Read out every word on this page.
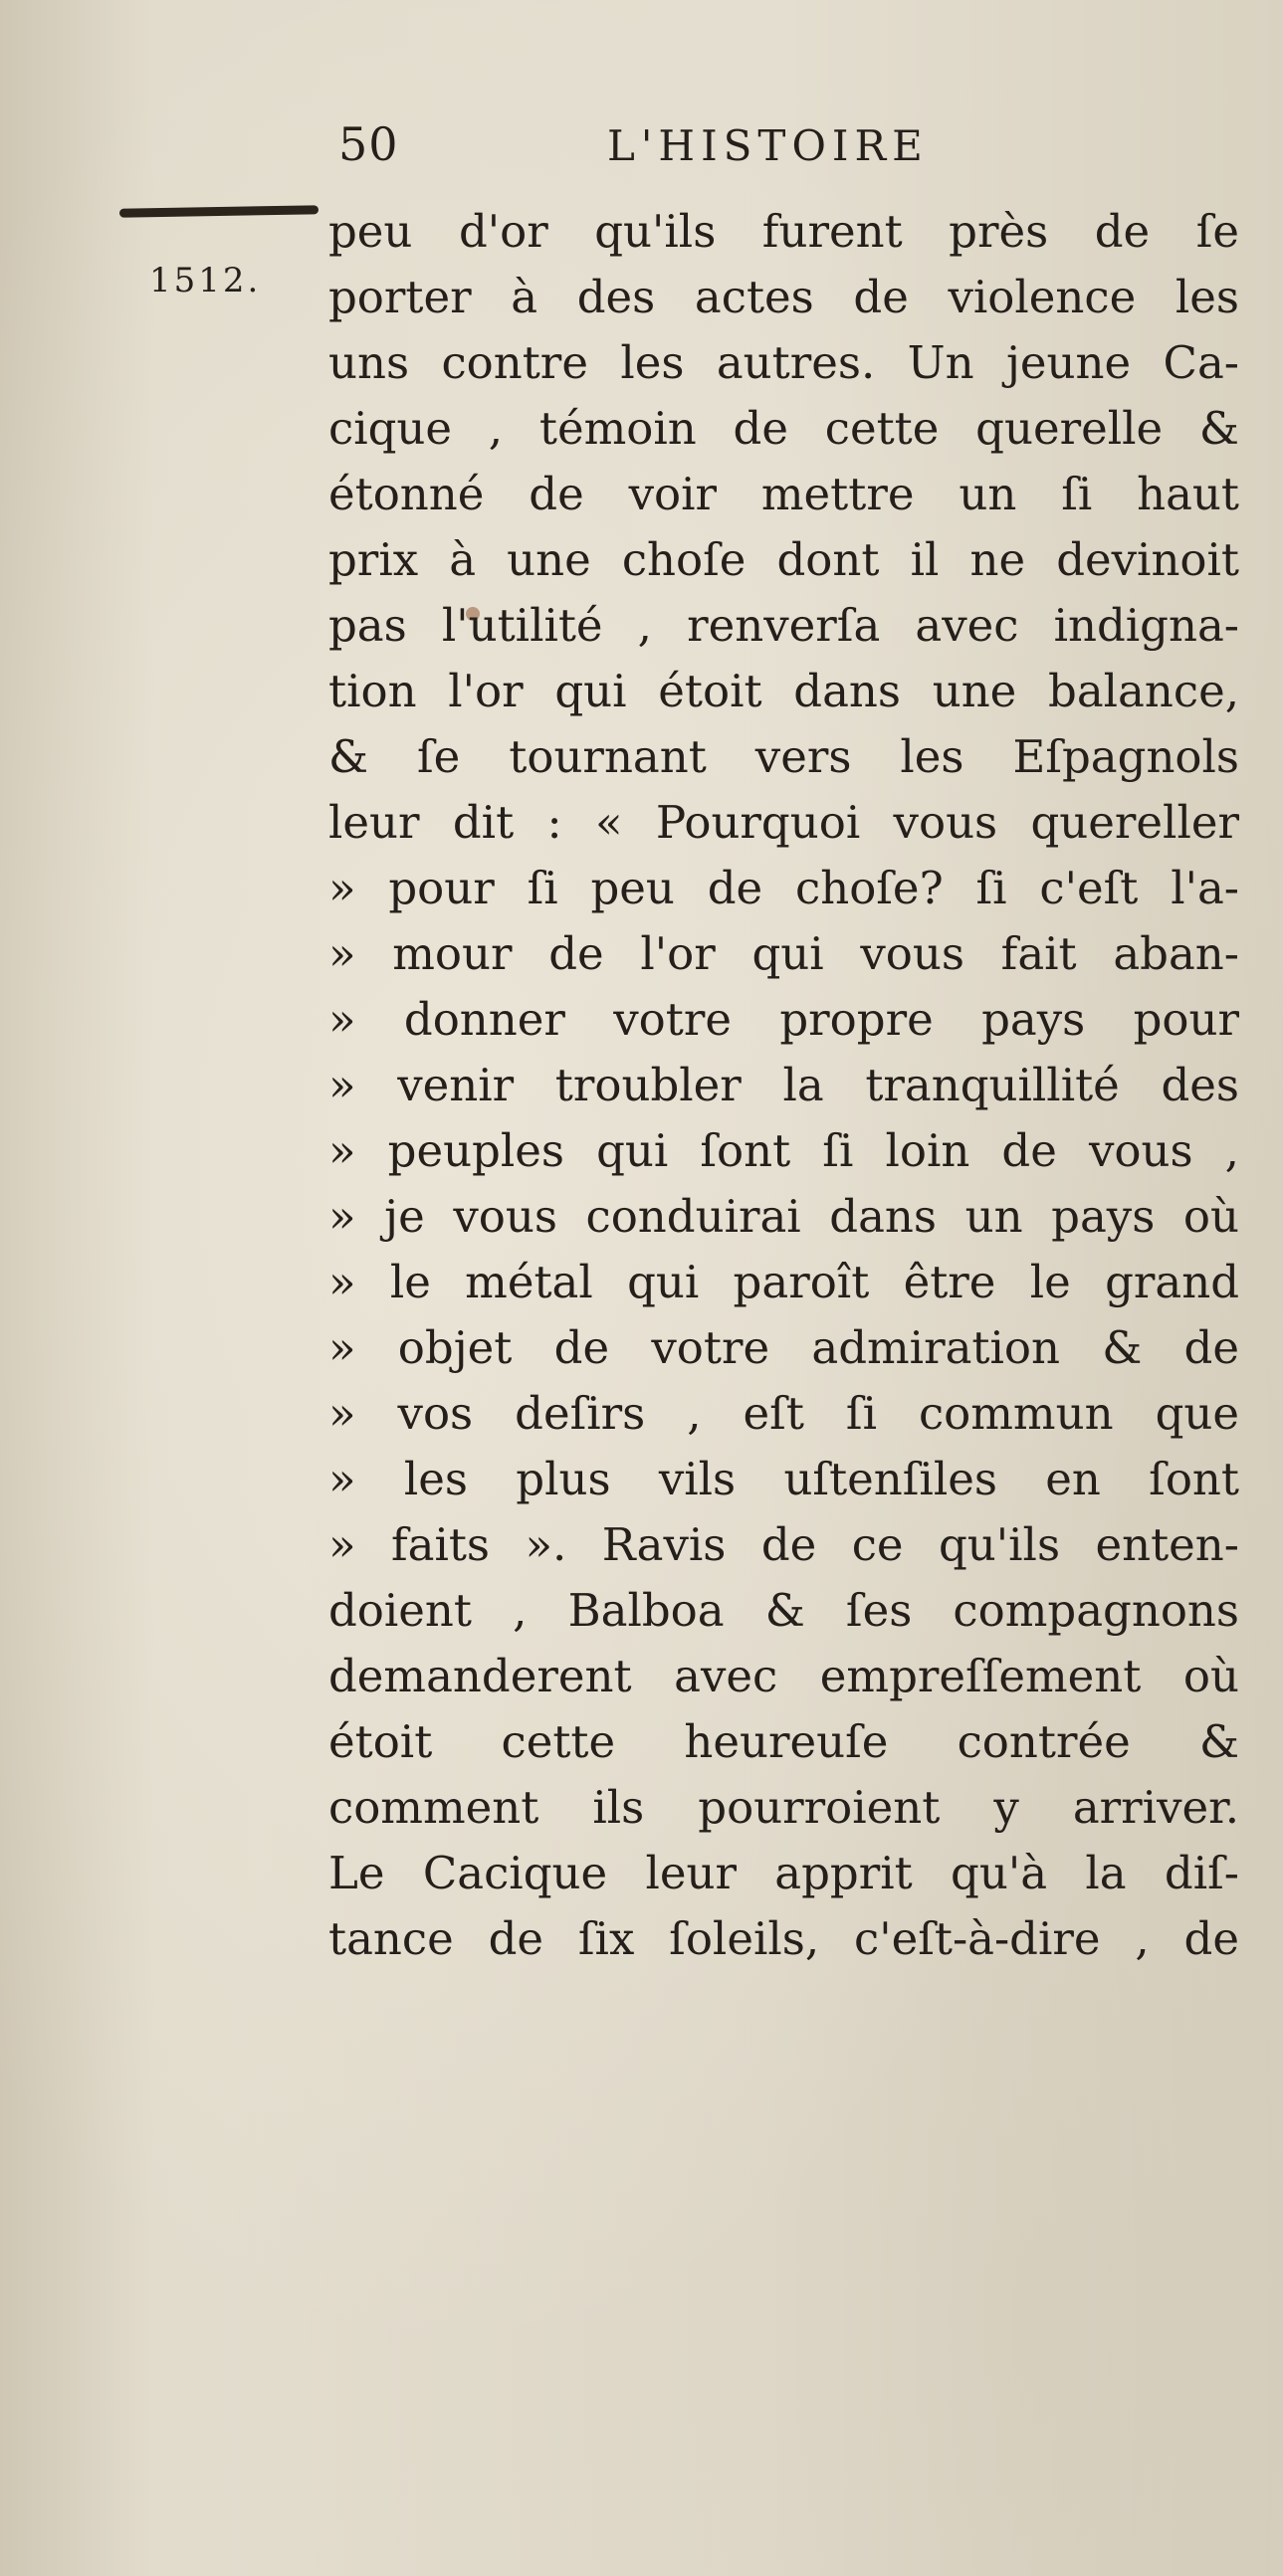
50	L'HISTOIRE
1512.
peu d'or qu'ils furent près de ſe
porter à des actes de violence les
uns contre les autres. Un jeune Ca-
cique , témoin de cette querelle &
étonné de voir mettre un ſi haut
prix à une choſe dont il ne devinoit
pas l'utilité , renverſa avec indigna-
tion l'or qui étoit dans une balance,
& ſe tournant vers les Eſpagnols
leur dit : « Pourquoi vous quereller
» pour ſi peu de choſe? ſi c'eſt l'a-
» mour de l'or qui vous fait aban-
» donner votre propre pays pour
» venir troubler la tranquillité des
» peuples qui ſont ſi loin de vous ,
» je vous conduirai dans un pays où
» le métal qui paroît être le grand
» objet de votre admiration & de
» vos deſirs , eſt ſi commun que
» les plus vils uſtenſiles en ſont
» faits ». Ravis de ce qu'ils enten-
doient , Balboa & ſes compagnons
demanderent avec empreſſement où
étoit cette heureuſe contrée &
comment ils pourroient y arriver.
Le Cacique leur apprit qu'à la diſ-
tance de ſix ſoleils, c'eſt-à-dire , de
